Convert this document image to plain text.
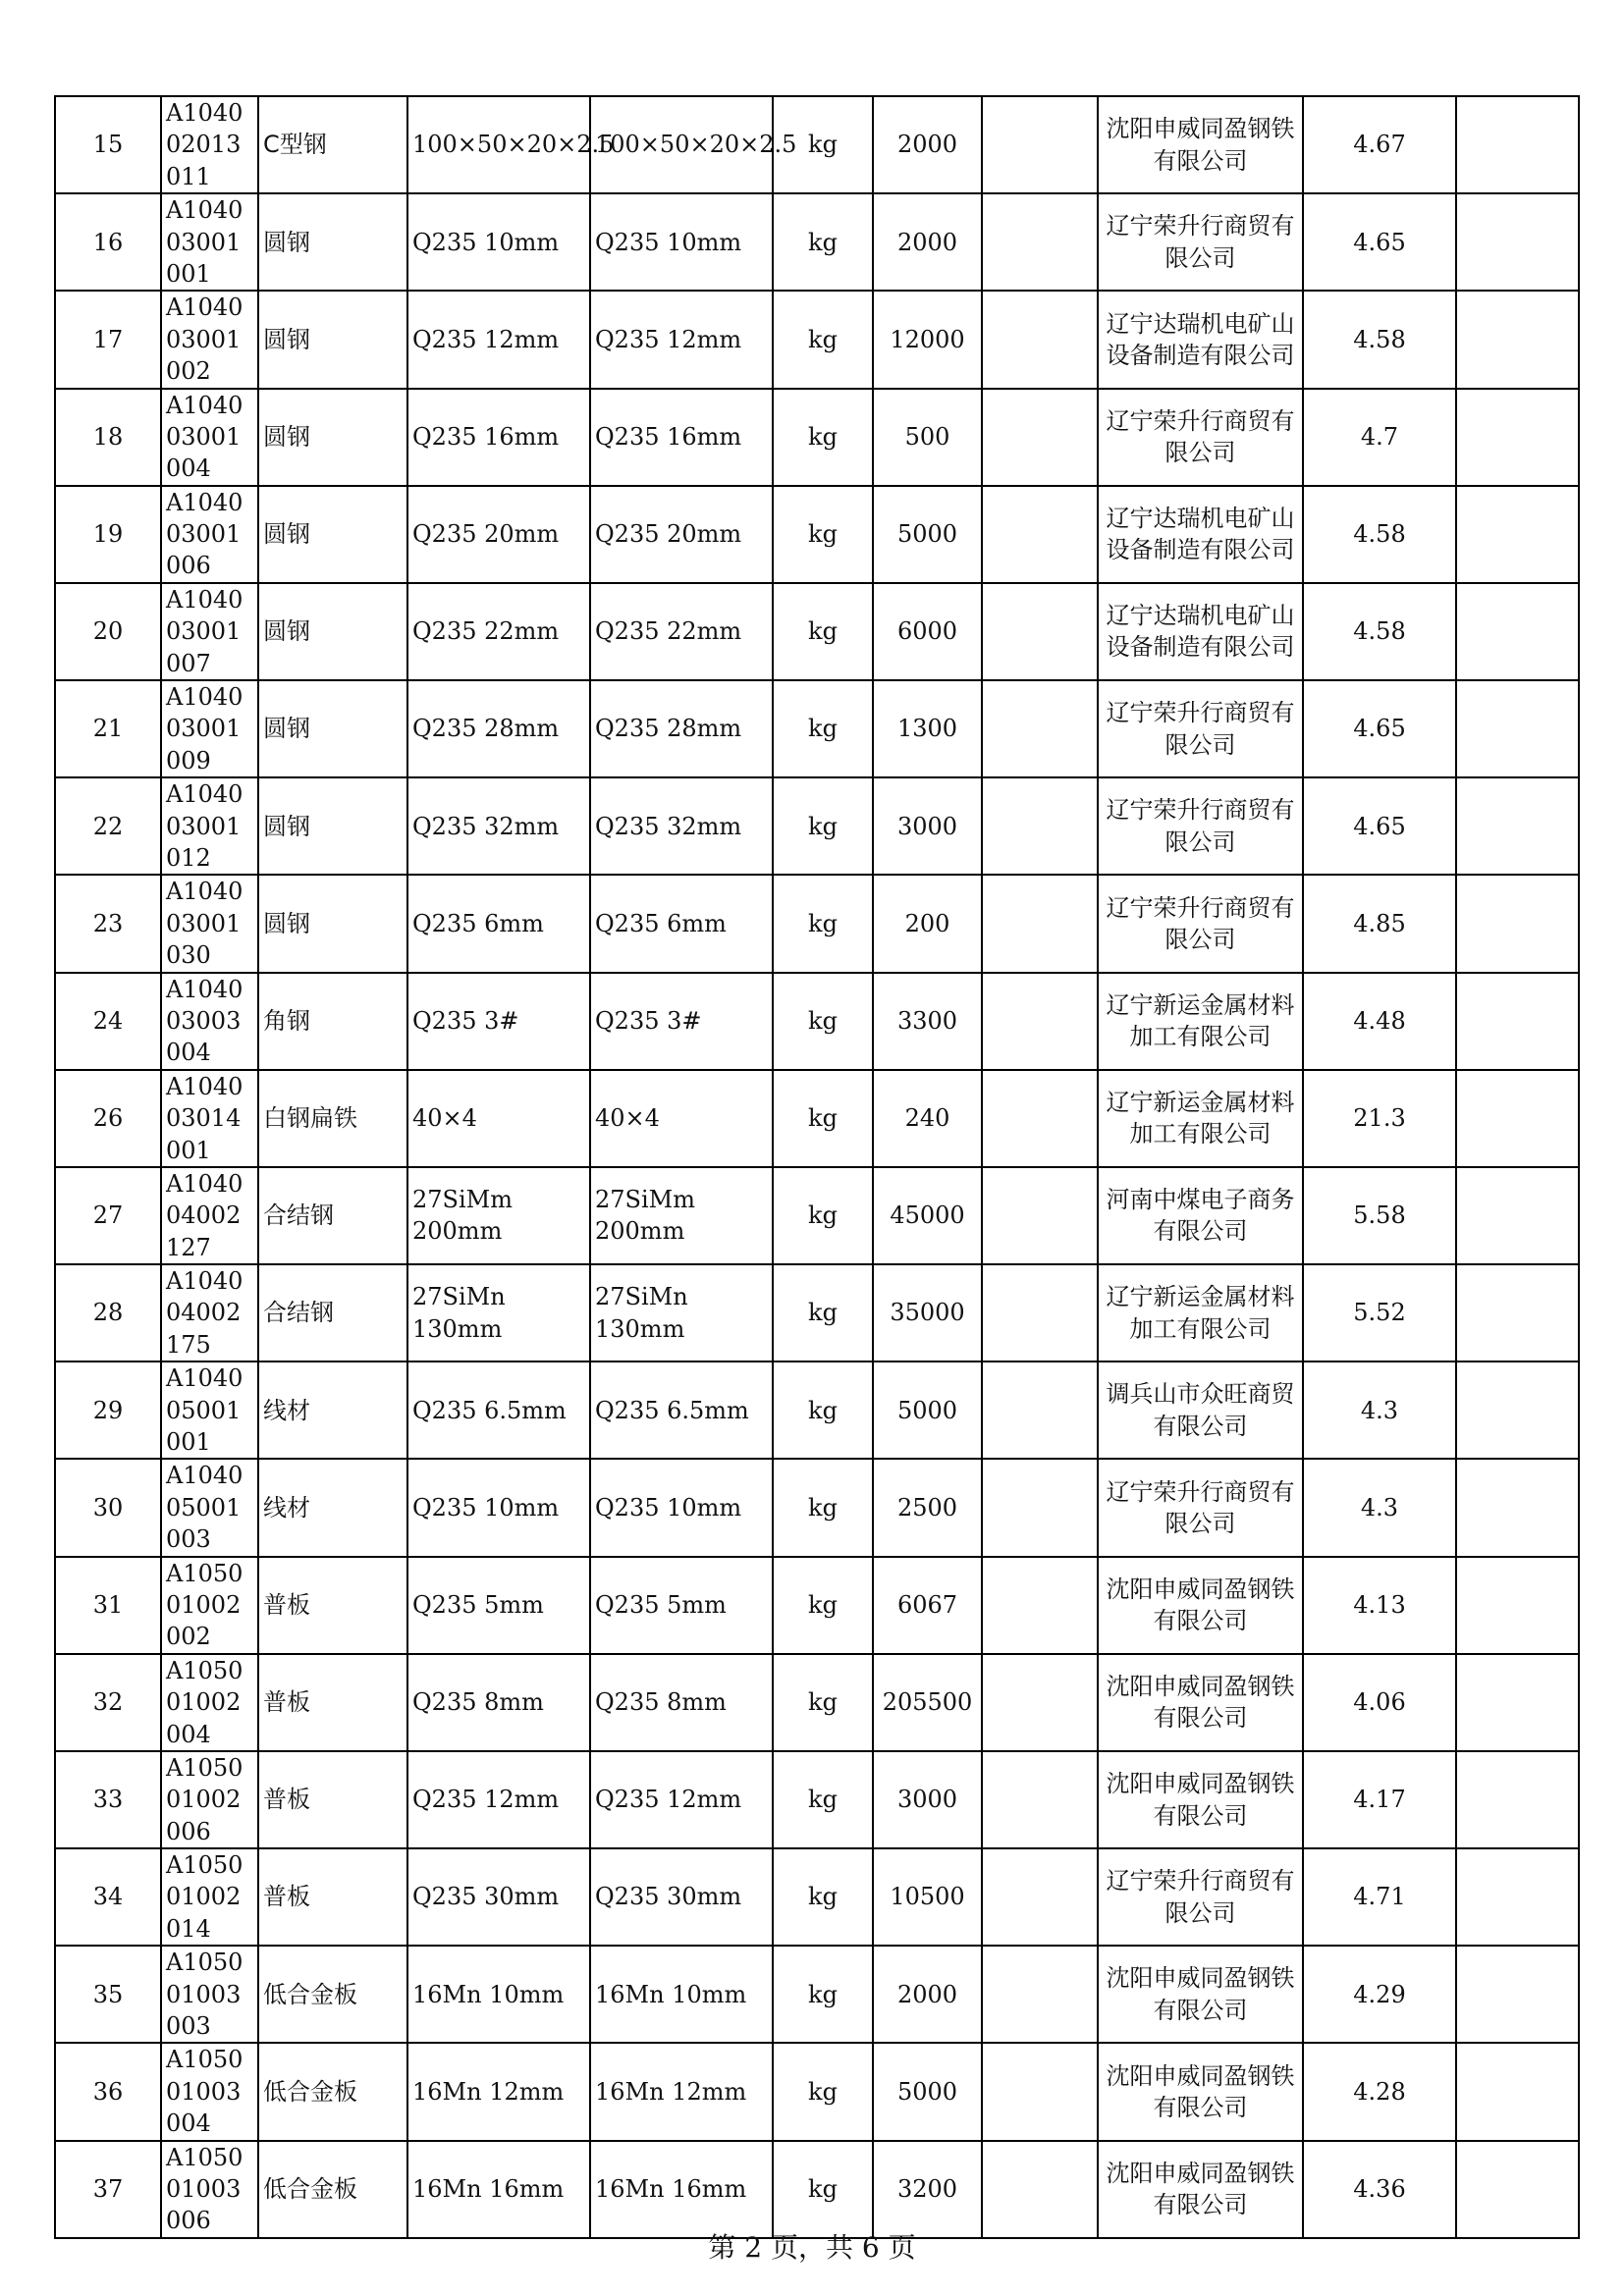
15	A104002013011	C型钢	100×50×20×2.5	100×50×20×2.5	kg	2000		沈阳申威同盈钢铁有限公司	4.67	
16	A104003001001	圆钢	Q235 10mm	Q235 10mm	kg	2000		辽宁荣升行商贸有限公司	4.65	
17	A104003001002	圆钢	Q235 12mm	Q235 12mm	kg	12000		辽宁达瑞机电矿山设备制造有限公司	4.58	
18	A104003001004	圆钢	Q235 16mm	Q235 16mm	kg	500		辽宁荣升行商贸有限公司	4.7	
19	A104003001006	圆钢	Q235 20mm	Q235 20mm	kg	5000		辽宁达瑞机电矿山设备制造有限公司	4.58	
20	A104003001007	圆钢	Q235 22mm	Q235 22mm	kg	6000		辽宁达瑞机电矿山设备制造有限公司	4.58	
21	A104003001009	圆钢	Q235 28mm	Q235 28mm	kg	1300		辽宁荣升行商贸有限公司	4.65	
22	A104003001012	圆钢	Q235 32mm	Q235 32mm	kg	3000		辽宁荣升行商贸有限公司	4.65	
23	A104003001030	圆钢	Q235 6mm	Q235 6mm	kg	200		辽宁荣升行商贸有限公司	4.85	
24	A104003003004	角钢	Q235 3#	Q235 3#	kg	3300		辽宁新运金属材料加工有限公司	4.48	
26	A104003014001	白钢扁铁	40×4	40×4	kg	240		辽宁新运金属材料加工有限公司	21.3	
27	A104004002127	合结钢	27SiMm 200mm	27SiMm 200mm	kg	45000		河南中煤电子商务有限公司	5.58	
28	A104004002175	合结钢	27SiMn 130mm	27SiMn 130mm	kg	35000		辽宁新运金属材料加工有限公司	5.52	
29	A104005001001	线材	Q235 6.5mm	Q235 6.5mm	kg	5000		调兵山市众旺商贸有限公司	4.3	
30	A104005001003	线材	Q235 10mm	Q235 10mm	kg	2500		辽宁荣升行商贸有限公司	4.3	
31	A105001002002	普板	Q235 5mm	Q235 5mm	kg	6067		沈阳申威同盈钢铁有限公司	4.13	
32	A105001002004	普板	Q235 8mm	Q235 8mm	kg	205500		沈阳申威同盈钢铁有限公司	4.06	
33	A105001002006	普板	Q235 12mm	Q235 12mm	kg	3000		沈阳申威同盈钢铁有限公司	4.17	
34	A105001002014	普板	Q235 30mm	Q235 30mm	kg	10500		辽宁荣升行商贸有限公司	4.71	
35	A105001003003	低合金板	16Mn 10mm	16Mn 10mm	kg	2000		沈阳申威同盈钢铁有限公司	4.29	
36	A105001003004	低合金板	16Mn 12mm	16Mn 12mm	kg	5000		沈阳申威同盈钢铁有限公司	4.28	
37	A105001003006	低合金板	16Mn 16mm	16Mn 16mm	kg	3200		沈阳申威同盈钢铁有限公司	4.36	
第 2 页，共 6 页
